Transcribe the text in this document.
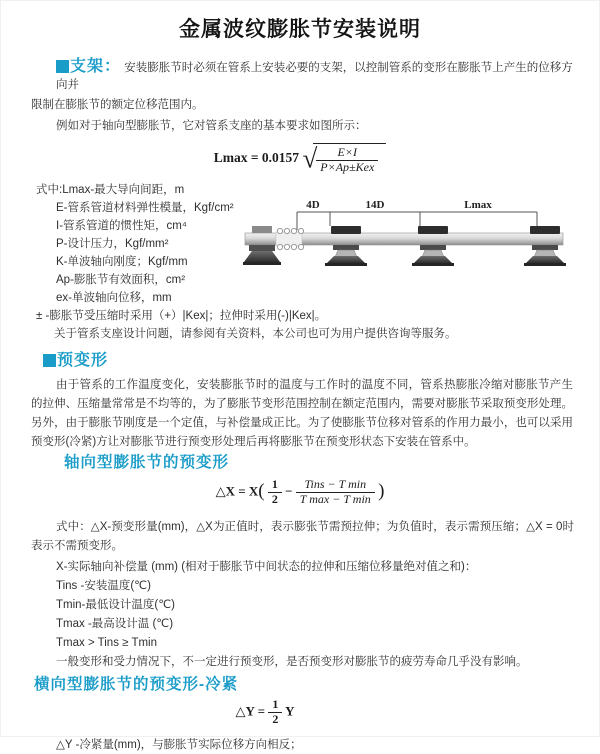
金属波纹膨胀节安装说明
支架： 安装膨胀节时必须在管系上安装必要的支架，以控制管系的变形在膨胀节上产生的位移方向并
限制在膨胀节的额定位移范围内。
例如对于轴向型膨胀节，它对管系支座的基本要求如图所示：
Lmax = 0.0157 √ $\frac{E\times I}{\text{P×Ap±Kex}}$
式中:Lmax-最大导向间距，m
E-管系管道材料弹性模量，Kgf/cm²
I-管系管道的惯性矩，cm⁴
P-设计压力，Kgf/mm²
K-单波轴向刚度；Kgf/mm
Ap-膨胀节有效面积，cm²
ex-单波轴向位移，mm
± -膨胀节受压缩时采用（+）|Kex|；拉伸时采用(-)|Kex|。
关于管系支座设计问题，请参阅有关资料，本公司也可为用户提供咨询等服务。
4D	14D	Lmax
预变形
由于管系的工作温度变化，安装膨胀节时的温度与工作时的温度不同，管系热膨胀冷缩对膨胀节产生的拉伸、压缩量常常是不均等的，为了膨胀节变形范围控制在额定范围内，需要对膨胀节采取预变形处理。另外，由于膨胀节刚度是一个定值，与补偿量成正比。为了使膨胀节位移对管系的作用力最小，也可以采用预变形(冷紧)方让对膨胀节进行预变形处理后再将膨胀节在预变形状态下安装在管系中。
轴向型膨胀节的预变形
△X = $X( \frac{1}{2} - \frac{\text{Tins − T min}}{\text{T max − T min}}$ )
式中：△X-预变形量(mm)，△X为正值时，表示膨张节需预拉伸；为负值时，表示需预压缩；△X = 0时表示不需预变形。
X-实际轴向补偿量 (mm) (相对于膨胀节中间状态的拉伸和压缩位移量绝对值之和)：
Tins -安装温度(℃)
Tmin-最低设计温度(℃)
Tmax -最高设计温 (℃)
Tmax > Tins ≥ Tmin
一般变形和受力情况下，不一定进行预变形，是否预变形对膨胀节的疲劳寿命几乎没有影响。
横向型膨胀节的预变形-冷紧
△Y = $\frac{1}{2}$ Y
△Y -冷紧量(mm)，与膨胀节实际位移方向相反；
